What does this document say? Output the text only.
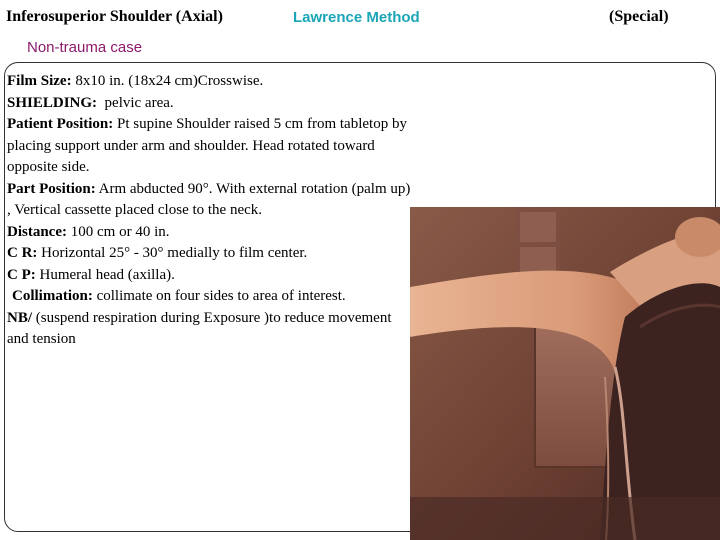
Inferosuperior Shoulder (Axial)	Lawrence Method	(Special)
Non-trauma case

Film Size: 8x10 in. (18x24 cm)Crosswise.

SHIELDING:  pelvic area.

Patient Position: Pt supine Shoulder raised 5 cm from tabletop by placing support under arm and shoulder. Head rotated toward opposite side.

Part Position: Arm abducted 90°. With external rotation (palm up) , Vertical cassette placed close to the neck.

Distance: 100 cm or 40 in.

C R: Horizontal 25° - 30° medially to film center.

C P: Humeral head (axilla).

Collimation: collimate on four sides to area of interest.

NB/ (suspend respiration during Exposure )to reduce movement and tension
